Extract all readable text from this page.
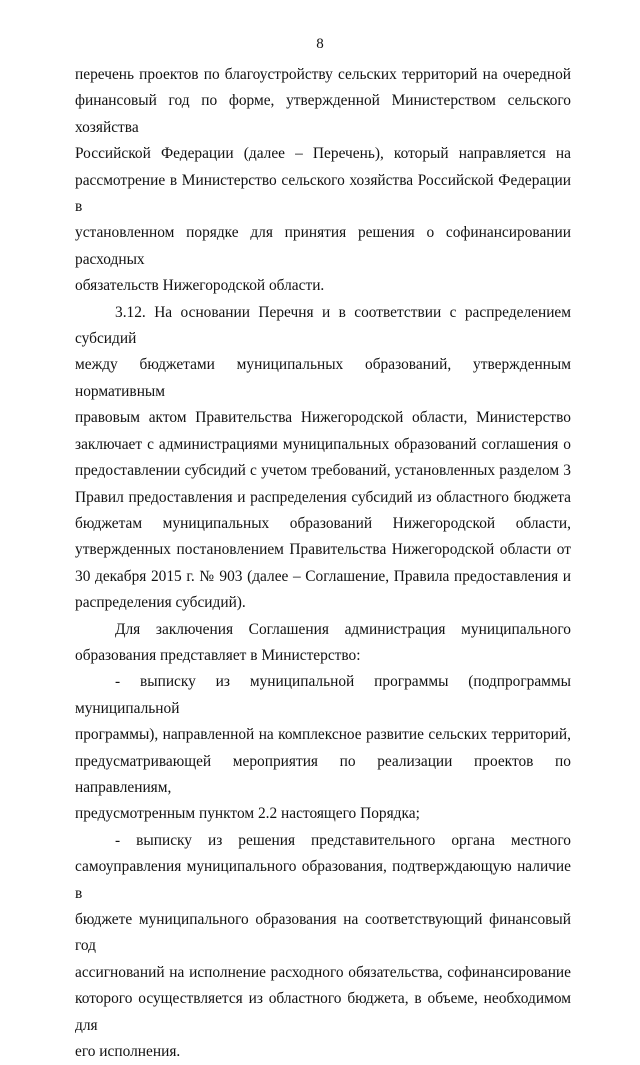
8
перечень проектов по благоустройству сельских территорий на очередной
финансовый год по форме, утвержденной Министерством сельского хозяйства
Российской Федерации (далее – Перечень), который направляется на
рассмотрение в Министерство сельского хозяйства Российской Федерации в
установленном порядке для принятия решения о софинансировании расходных
обязательств Нижегородской области.
3.12. На основании Перечня и в соответствии с распределением субсидий
между бюджетами муниципальных образований, утвержденным нормативным
правовым актом Правительства Нижегородской области, Министерство
заключает с администрациями муниципальных образований соглашения о
предоставлении субсидий с учетом требований, установленных разделом 3
Правил предоставления и распределения субсидий из областного бюджета
бюджетам муниципальных образований Нижегородской области,
утвержденных постановлением Правительства Нижегородской области от
30 декабря 2015 г. № 903 (далее – Соглашение, Правила предоставления и
распределения субсидий).
Для заключения Соглашения администрация муниципального
образования представляет в Министерство:
- выписку из муниципальной программы (подпрограммы муниципальной
программы), направленной на комплексное развитие сельских территорий,
предусматривающей мероприятия по реализации проектов по направлениям,
предусмотренным пунктом 2.2 настоящего Порядка;
- выписку из решения представительного органа местного
самоуправления муниципального образования, подтверждающую наличие в
бюджете муниципального образования на соответствующий финансовый год
ассигнований на исполнение расходного обязательства, софинансирование
которого осуществляется из областного бюджета, в объеме, необходимом для
его исполнения.
